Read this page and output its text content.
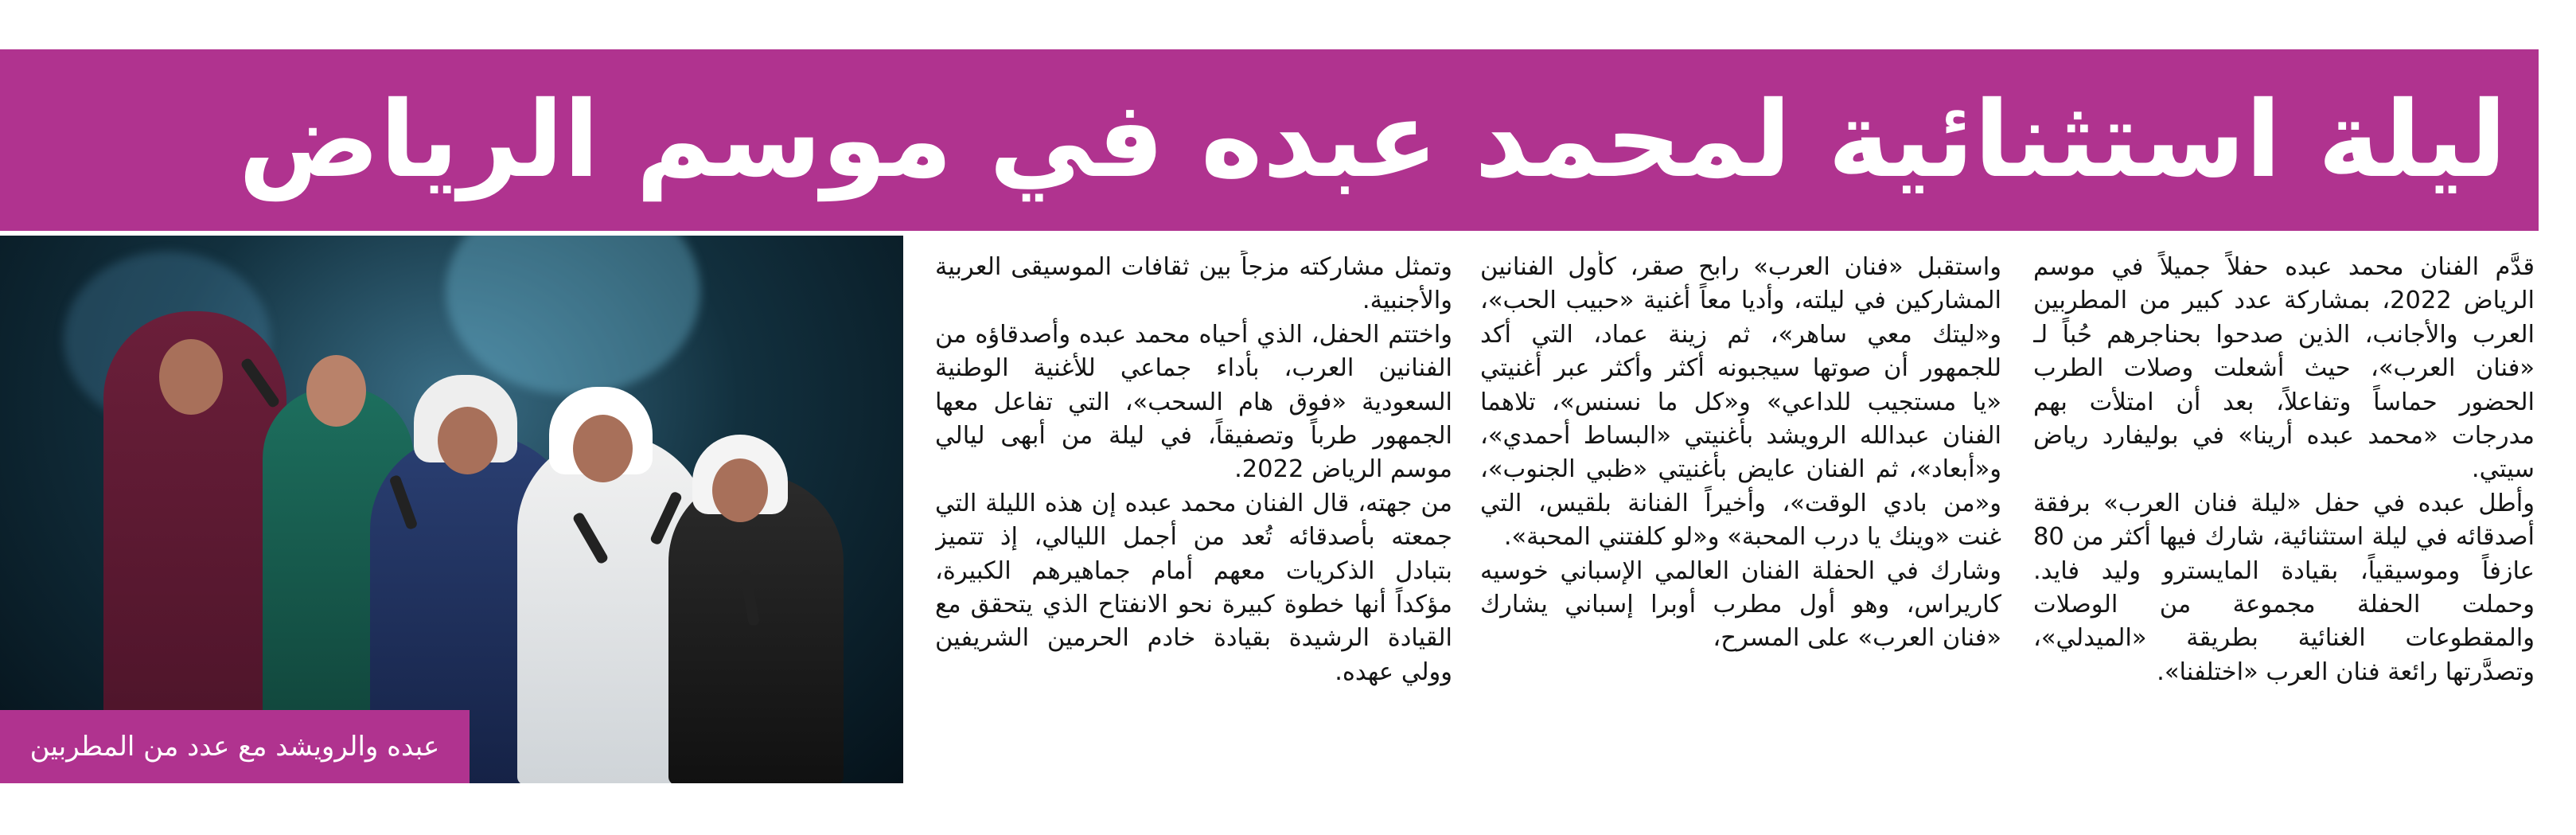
ليلة استثنائية لمحمد عبده في موسم الرياض
عبده والرويشد مع عدد من المطربين

قدَّم الفنان محمد عبده حفلاً جميلاً في موسم الرياض 2022، بمشاركة عدد كبير من المطربين العرب والأجانب، الذين صدحوا بحناجرهم حُباً لـ «فنان العرب»، حيث أشعلت وصلات الطرب الحضور حماساً وتفاعلاً، بعد أن امتلأت بهم مدرجات «محمد عبده أرينا» في بوليفارد رياض سيتي.

وأطل عبده في حفل «ليلة فنان العرب» برفقة أصدقائه في ليلة استثنائية، شارك فيها أكثر من 80 عازفاً وموسيقياً، بقيادة المايسترو وليد فايد. وحملت الحفلة مجموعة من الوصلات والمقطوعات الغنائية بطريقة «الميدلي»، وتصدَّرتها رائعة فنان العرب «اختلفنا».

واستقبل «فنان العرب» رابح صقر، كأول الفنانين المشاركين في ليلته، وأديا معاً أغنية «حبيب الحب»، و«ليتك معي ساهر»، ثم زينة عماد، التي أكد للجمهور أن صوتها سيجبونه أكثر وأكثر عبر أغنيتي «يا مستجيب للداعي» و«كل ما نسنس»، تلاهما الفنان عبدالله الرويشد بأغنيتي «البساط أحمدي»، و«أبعاد»، ثم الفنان عايض بأغنيتي «ظبي الجنوب»، و«من بادي الوقت»، وأخيراً الفنانة بلقيس، التي غنت «وينك يا درب المحبة» و«لو كلفتني المحبة».

وشارك في الحفلة الفنان العالمي الإسباني خوسيه كاريراس، وهو أول مطرب أوبرا إسباني يشارك «فنان العرب» على المسرح،

وتمثل مشاركته مزجاً بين ثقافات الموسيقى العربية والأجنبية.

واختتم الحفل، الذي أحياه محمد عبده وأصدقاؤه من الفنانين العرب، بأداء جماعي للأغنية الوطنية السعودية «فوق هام السحب»، التي تفاعل معها الجمهور طرباً وتصفيقاً، في ليلة من أبهى ليالي موسم الرياض 2022.

من جهته، قال الفنان محمد عبده إن هذه الليلة التي جمعته بأصدقائه تُعد من أجمل الليالي، إذ تتميز بتبادل الذكريات معهم أمام جماهيرهم الكبيرة، مؤكداً أنها خطوة كبيرة نحو الانفتاح الذي يتحقق مع القيادة الرشيدة بقيادة خادم الحرمين الشريفين وولي عهده.
